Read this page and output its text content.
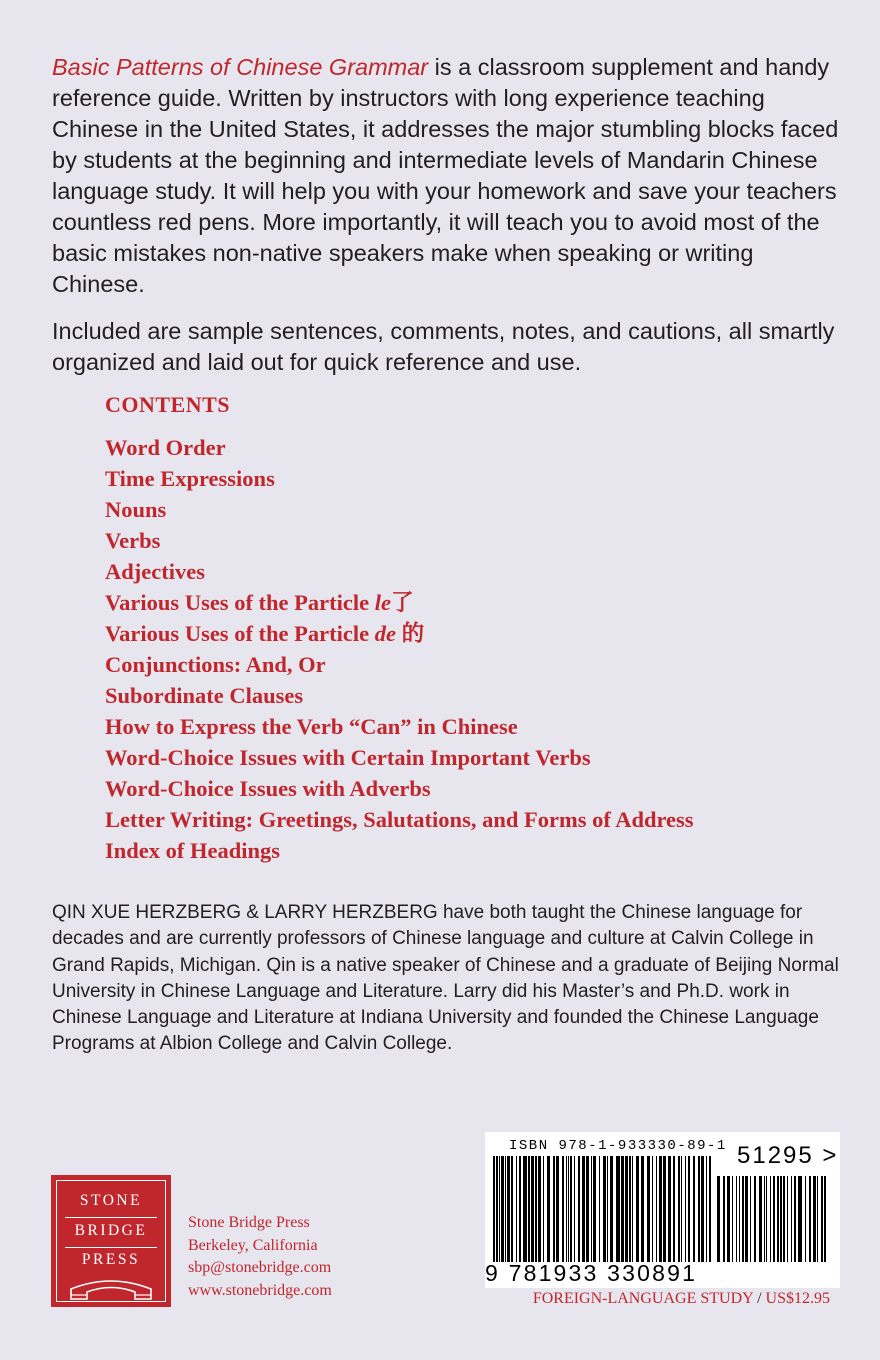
Basic Patterns of Chinese Grammar is a classroom supplement and handy reference guide. Written by instructors with long experience teaching Chinese in the United States, it addresses the major stumbling blocks faced by students at the beginning and intermediate levels of Mandarin Chinese language study. It will help you with your homework and save your teachers countless red pens. More importantly, it will teach you to avoid most of the basic mistakes non-native speakers make when speaking or writing Chinese.

Included are sample sentences, comments, notes, and cautions, all smartly organized and laid out for quick reference and use.

CONTENTS
Word Order
Time Expressions
Nouns
Verbs
Adjectives
Various Uses of the Particle le了
Various Uses of the Particle de 的
Conjunctions: And, Or
Subordinate Clauses
How to Express the Verb “Can” in Chinese
Word-Choice Issues with Certain Important Verbs
Word-Choice Issues with Adverbs
Letter Writing: Greetings, Salutations, and Forms of Address
Index of Headings

QIN XUE HERZBERG & LARRY HERZBERG have both taught the Chinese language for decades and are currently professors of Chinese language and culture at Calvin College in Grand Rapids, Michigan. Qin is a native speaker of Chinese and a graduate of Beijing Normal University in Chinese Language and Literature. Larry did his Master’s and Ph.D. work in Chinese Language and Literature at Indiana University and founded the Chinese Language Programs at Albion College and Calvin College.

STONE
BRIDGE
PRESS
Stone Bridge Press
Berkeley, California
sbp@stonebridge.com
www.stonebridge.com
ISBN 978-1-933330-89-1 51295 >
9 781933 330891
FOREIGN-LANGUAGE STUDY / US$12.95
